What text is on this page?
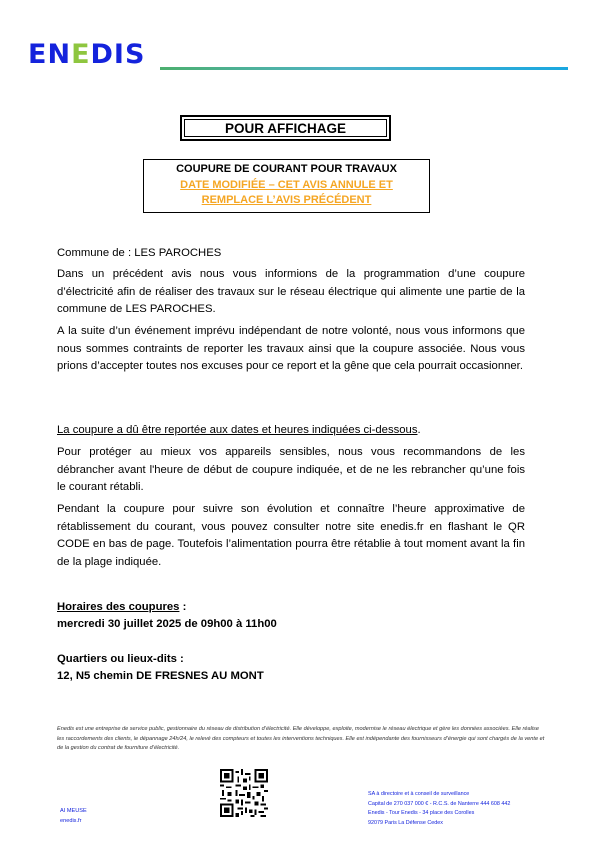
ENEDIS
POUR AFFICHAGE
COUPURE DE COURANT POUR TRAVAUX
DATE MODIFIÉE – CET AVIS ANNULE ET
REMPLACE L’AVIS PRÉCÉDENT
Commune de : LES PAROCHES
Dans un précédent avis nous vous informions de la programmation d’une coupure d’électricité afin de réaliser des travaux sur le réseau électrique qui alimente une partie de la commune de LES PAROCHES.
A la suite d’un événement imprévu indépendant de notre volonté, nous vous informons que nous sommes contraints de reporter les travaux ainsi que la coupure associée. Nous vous prions d’accepter toutes nos excuses pour ce report et la gêne que cela pourrait occasionner.
La coupure a dû être reportée aux dates et heures indiquées ci-dessous.
Pour protéger au mieux vos appareils sensibles, nous vous recommandons de les débrancher avant l'heure de début de coupure indiquée, et de ne les rebrancher qu’une fois le courant rétabli.
Pendant la coupure pour suivre son évolution et connaître l’heure approximative de rétablissement du courant, vous pouvez consulter notre site enedis.fr en flashant le QR CODE en bas de page. Toutefois l’alimentation pourra être rétablie à tout moment avant la fin de la plage indiquée.
Horaires des coupures :
mercredi 30 juillet 2025 de 09h00 à 11h00
Quartiers ou lieux-dits :
12, N5 chemin DE FRESNES AU MONT
Enedis est une entreprise de service public, gestionnaire du réseau de distribution d’électricité. Elle développe, exploite, modernise le réseau électrique et gère les données associées. Elle réalise les raccordements des clients, le dépannage 24h/24, le relevé des compteurs et toutes les interventions techniques. Elle est indépendante des fournisseurs d’énergie qui sont chargés de la vente et de la gestion du contrat de fourniture d’électricité.
AI MEUSE
enedis.fr
SA à directoire et à conseil de surveillance
Capital de 270 037 000 € - R.C.S. de Nanterre 444 608 442
Enedis - Tour Enedis - 34 place des Corolles
92079 Paris La Défense Cedex
